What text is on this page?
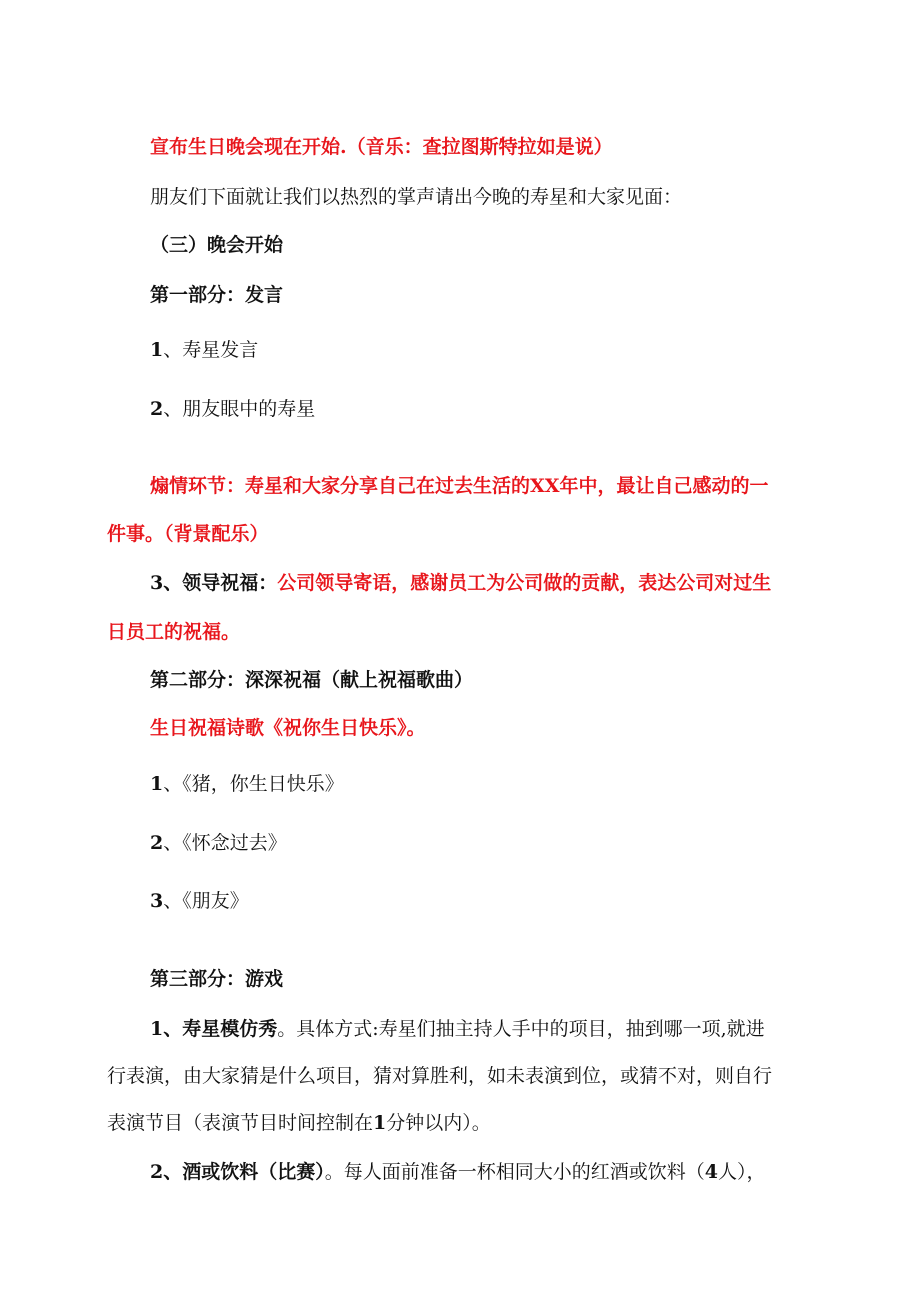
宣布生日晚会现在开始.（音乐：查拉图斯特拉如是说）
朋友们下面就让我们以热烈的掌声请出今晚的寿星和大家见面：
（三）晚会开始
第一部分：发言
1、寿星发言
2、朋友眼中的寿星
煽情环节：寿星和大家分享自己在过去生活的XX年中，最让自己感动的一
件事。（背景配乐）
3、领导祝福：公司领导寄语，感谢员工为公司做的贡献，表达公司对过生
日员工的祝福。
第二部分：深深祝福（献上祝福歌曲）
生日祝福诗歌《祝你生日快乐》。
1、《猪，你生日快乐》
2、《怀念过去》
3、《朋友》
第三部分：游戏
1、寿星模仿秀。具体方式:寿星们抽主持人手中的项目，抽到哪一项,就进
行表演，由大家猜是什么项目，猜对算胜利，如未表演到位，或猜不对，则自行
表演节目（表演节目时间控制在1分钟以内）。
2、酒或饮料（比赛）。每人面前准备一杯相同大小的红酒或饮料（4人），
